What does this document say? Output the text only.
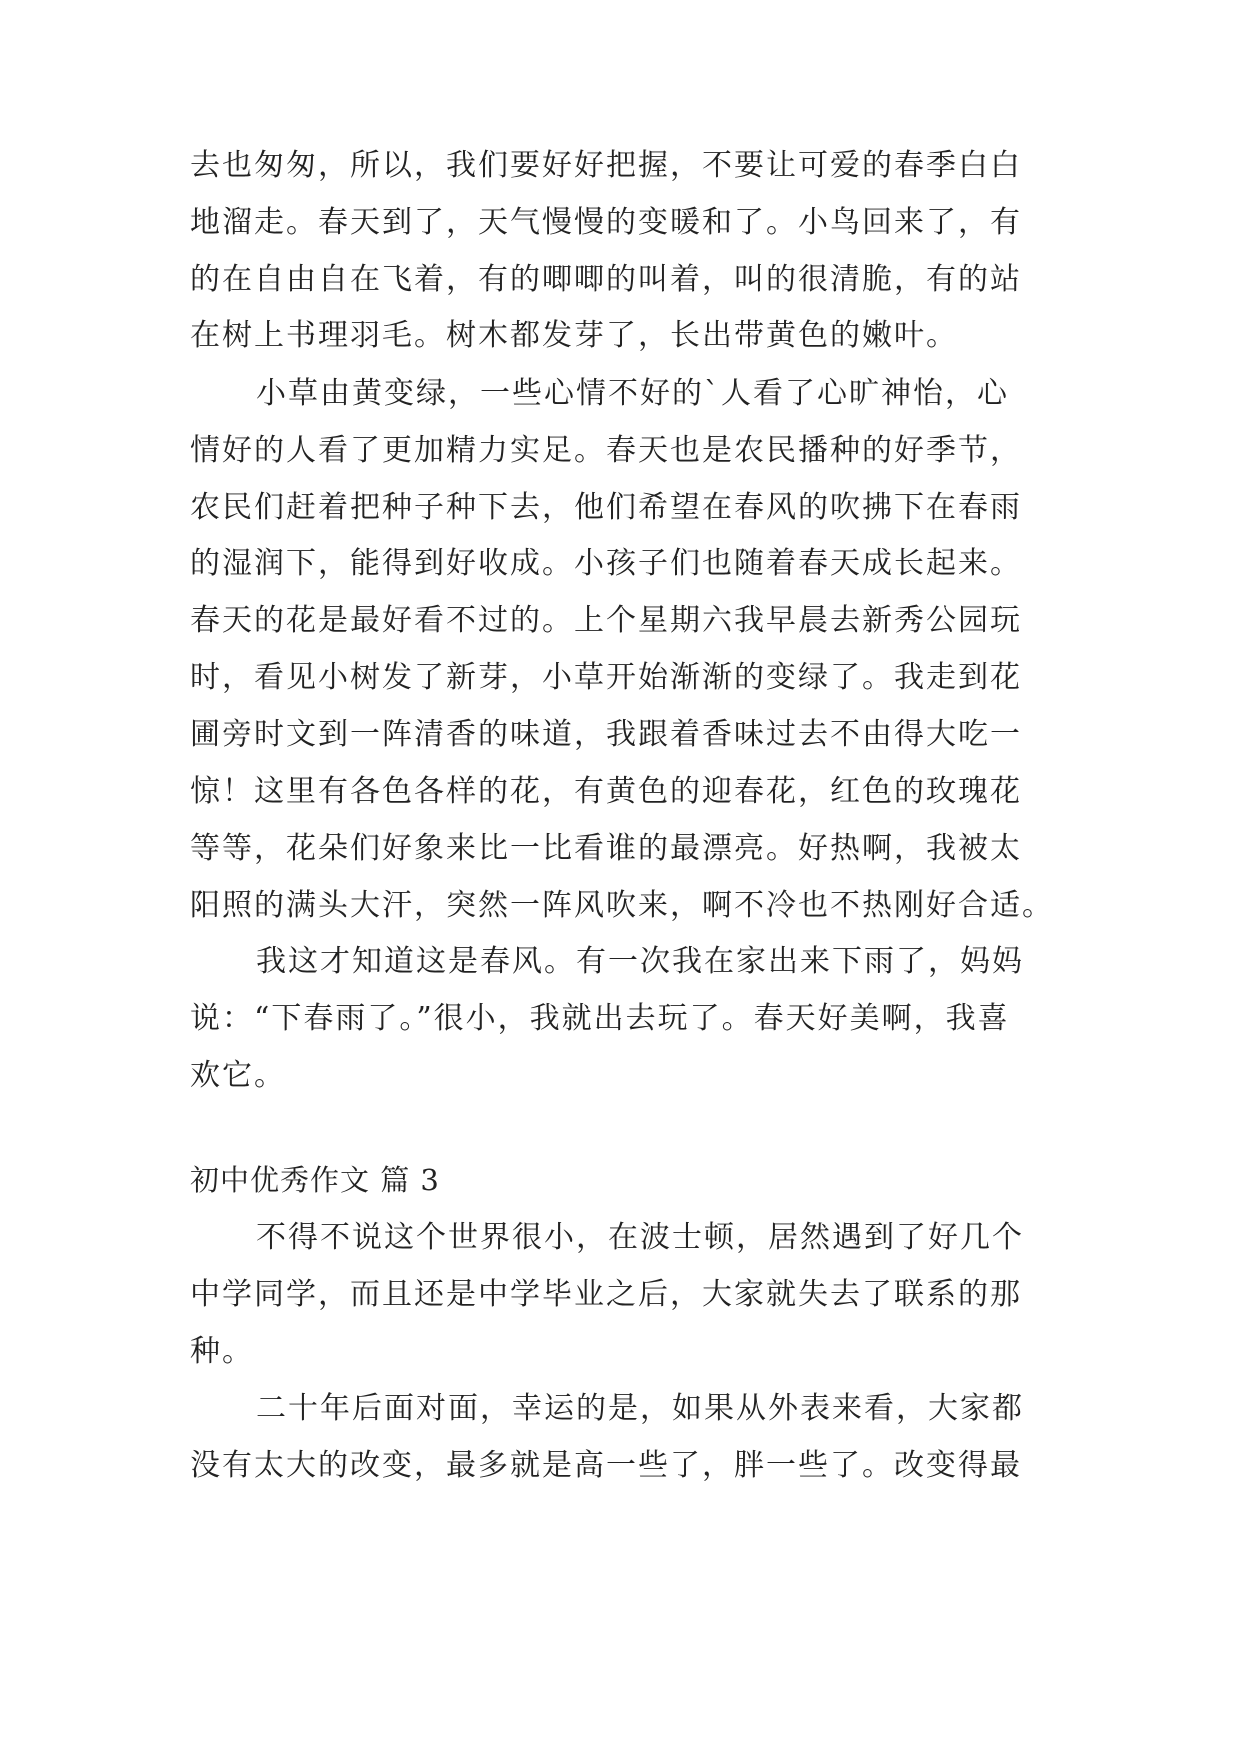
去也匆匆，所以，我们要好好把握，不要让可爱的春季白白
地溜走。春天到了，天气慢慢的变暖和了。小鸟回来了，有
的在自由自在飞着，有的唧唧的叫着，叫的很清脆，有的站
在树上书理羽毛。树木都发芽了，长出带黄色的嫩叶。
小草由黄变绿，一些心情不好的`人看了心旷神怡，心
情好的人看了更加精力实足。春天也是农民播种的好季节，
农民们赶着把种子种下去，他们希望在春风的吹拂下在春雨
的湿润下，能得到好收成。小孩子们也随着春天成长起来。
春天的花是最好看不过的。上个星期六我早晨去新秀公园玩
时，看见小树发了新芽，小草开始渐渐的变绿了。我走到花
圃旁时文到一阵清香的味道，我跟着香味过去不由得大吃一
惊！这里有各色各样的花，有黄色的迎春花，红色的玫瑰花
等等，花朵们好象来比一比看谁的最漂亮。好热啊，我被太
阳照的满头大汗，突然一阵风吹来，啊不冷也不热刚好合适。
我这才知道这是春风。有一次我在家出来下雨了，妈妈
说：“下春雨了。”很小，我就出去玩了。春天好美啊，我喜
欢它。
初中优秀作文 篇 3
不得不说这个世界很小，在波士顿，居然遇到了好几个
中学同学，而且还是中学毕业之后，大家就失去了联系的那
种。
二十年后面对面，幸运的是，如果从外表来看，大家都
没有太大的改变，最多就是高一些了，胖一些了。改变得最
